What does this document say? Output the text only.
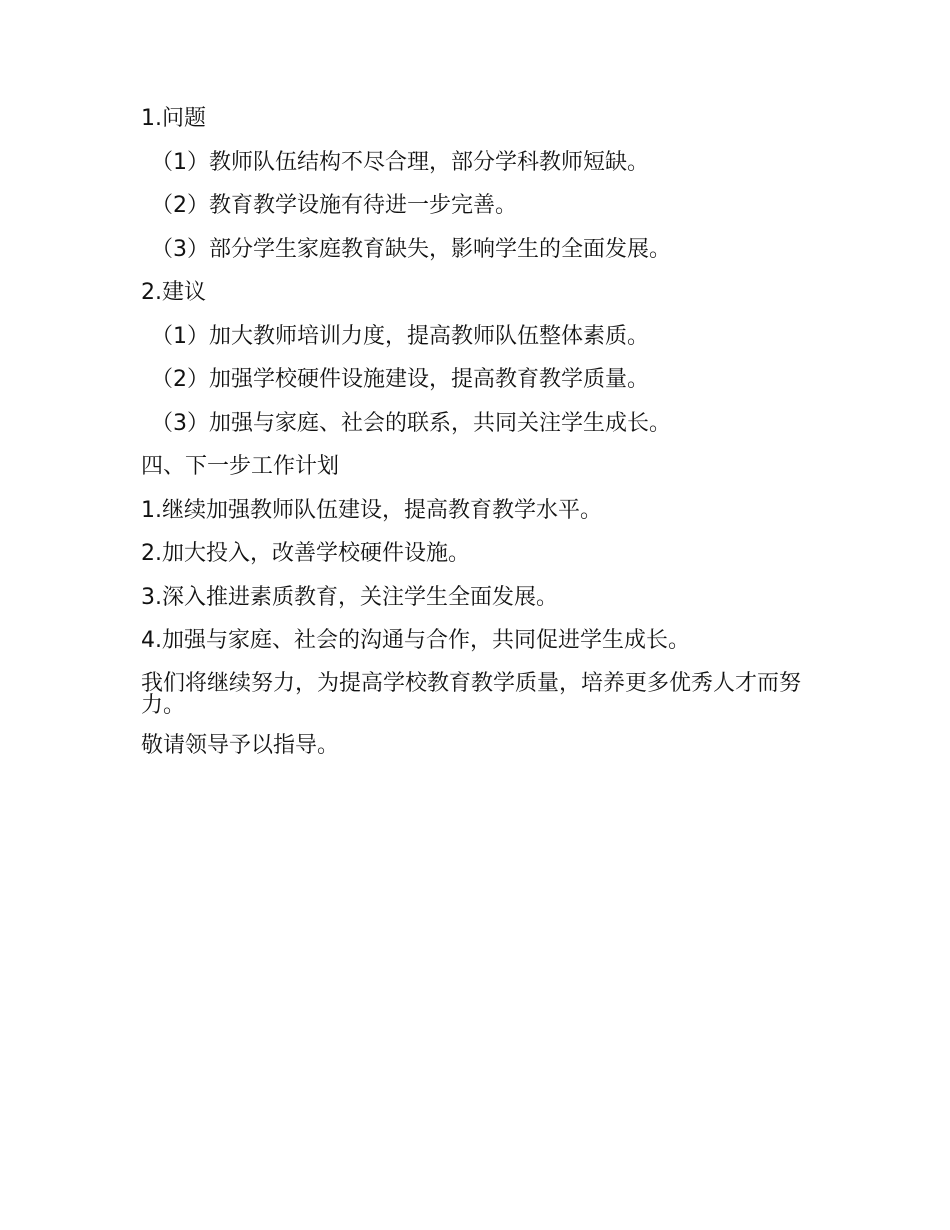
1.问题
（1）教师队伍结构不尽合理，部分学科教师短缺。
（2）教育教学设施有待进一步完善。
（3）部分学生家庭教育缺失，影响学生的全面发展。
2.建议
（1）加大教师培训力度，提高教师队伍整体素质。
（2）加强学校硬件设施建设，提高教育教学质量。
（3）加强与家庭、社会的联系，共同关注学生成长。
四、下一步工作计划
1.继续加强教师队伍建设，提高教育教学水平。
2.加大投入，改善学校硬件设施。
3.深入推进素质教育，关注学生全面发展。
4.加强与家庭、社会的沟通与合作，共同促进学生成长。
我们将继续努力，为提高学校教育教学质量，培养更多优秀人才而努力。
敬请领导予以指导。
